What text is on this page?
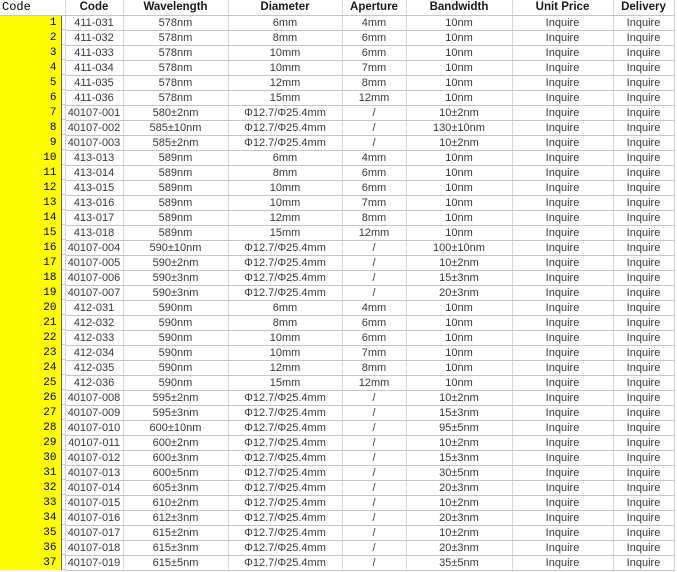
Code	Code	Wavelength	Diameter	Aperture	Bandwidth	Unit Price	Delivery

1	411-031	578nm	6mm	4mm	10nm	Inquire	Inquire

2	411-032	578nm	8mm	6mm	10nm	Inquire	Inquire

3	411-033	578nm	10mm	6mm	10nm	Inquire	Inquire

4	411-034	578nm	10mm	7mm	10nm	Inquire	Inquire

5	411-035	578nm	12mm	8mm	10nm	Inquire	Inquire

6	411-036	578nm	15mm	12mm	10nm	Inquire	Inquire

7	40107-001	580±2nm	Φ12.7/Φ25.4mm	/	10±2nm	Inquire	Inquire

8	40107-002	585±10nm	Φ12.7/Φ25.4mm	/	130±10nm	Inquire	Inquire

9	40107-003	585±2nm	Φ12.7/Φ25.4mm	/	10±2nm	Inquire	Inquire

10	413-013	589nm	6mm	4mm	10nm	Inquire	Inquire

11	413-014	589nm	8mm	6mm	10nm	Inquire	Inquire

12	413-015	589nm	10mm	6mm	10nm	Inquire	Inquire

13	413-016	589nm	10mm	7mm	10nm	Inquire	Inquire

14	413-017	589nm	12mm	8mm	10nm	Inquire	Inquire

15	413-018	589nm	15mm	12mm	10nm	Inquire	Inquire

16	40107-004	590±10nm	Φ12.7/Φ25.4mm	/	100±10nm	Inquire	Inquire

17	40107-005	590±2nm	Φ12.7/Φ25.4mm	/	10±2nm	Inquire	Inquire

18	40107-006	590±3nm	Φ12.7/Φ25.4mm	/	15±3nm	Inquire	Inquire

19	40107-007	590±3nm	Φ12.7/Φ25.4mm	/	20±3nm	Inquire	Inquire

20	412-031	590nm	6mm	4mm	10nm	Inquire	Inquire

21	412-032	590nm	8mm	6mm	10nm	Inquire	Inquire

22	412-033	590nm	10mm	6mm	10nm	Inquire	Inquire

23	412-034	590nm	10mm	7mm	10nm	Inquire	Inquire

24	412-035	590nm	12mm	8mm	10nm	Inquire	Inquire

25	412-036	590nm	15mm	12mm	10nm	Inquire	Inquire

26	40107-008	595±2nm	Φ12.7/Φ25.4mm	/	10±2nm	Inquire	Inquire

27	40107-009	595±3nm	Φ12.7/Φ25.4mm	/	15±3nm	Inquire	Inquire

28	40107-010	600±10nm	Φ12.7/Φ25.4mm	/	95±5nm	Inquire	Inquire

29	40107-011	600±2nm	Φ12.7/Φ25.4mm	/	10±2nm	Inquire	Inquire

30	40107-012	600±3nm	Φ12.7/Φ25.4mm	/	15±3nm	Inquire	Inquire

31	40107-013	600±5nm	Φ12.7/Φ25.4mm	/	30±5nm	Inquire	Inquire

32	40107-014	605±3nm	Φ12.7/Φ25.4mm	/	20±3nm	Inquire	Inquire

33	40107-015	610±2nm	Φ12.7/Φ25.4mm	/	10±2nm	Inquire	Inquire

34	40107-016	612±3nm	Φ12.7/Φ25.4mm	/	20±3nm	Inquire	Inquire

35	40107-017	615±2nm	Φ12.7/Φ25.4mm	/	10±2nm	Inquire	Inquire

36	40107-018	615±3nm	Φ12.7/Φ25.4mm	/	20±3nm	Inquire	Inquire

37	40107-019	615±5nm	Φ12.7/Φ25.4mm	/	35±5nm	Inquire	Inquire
